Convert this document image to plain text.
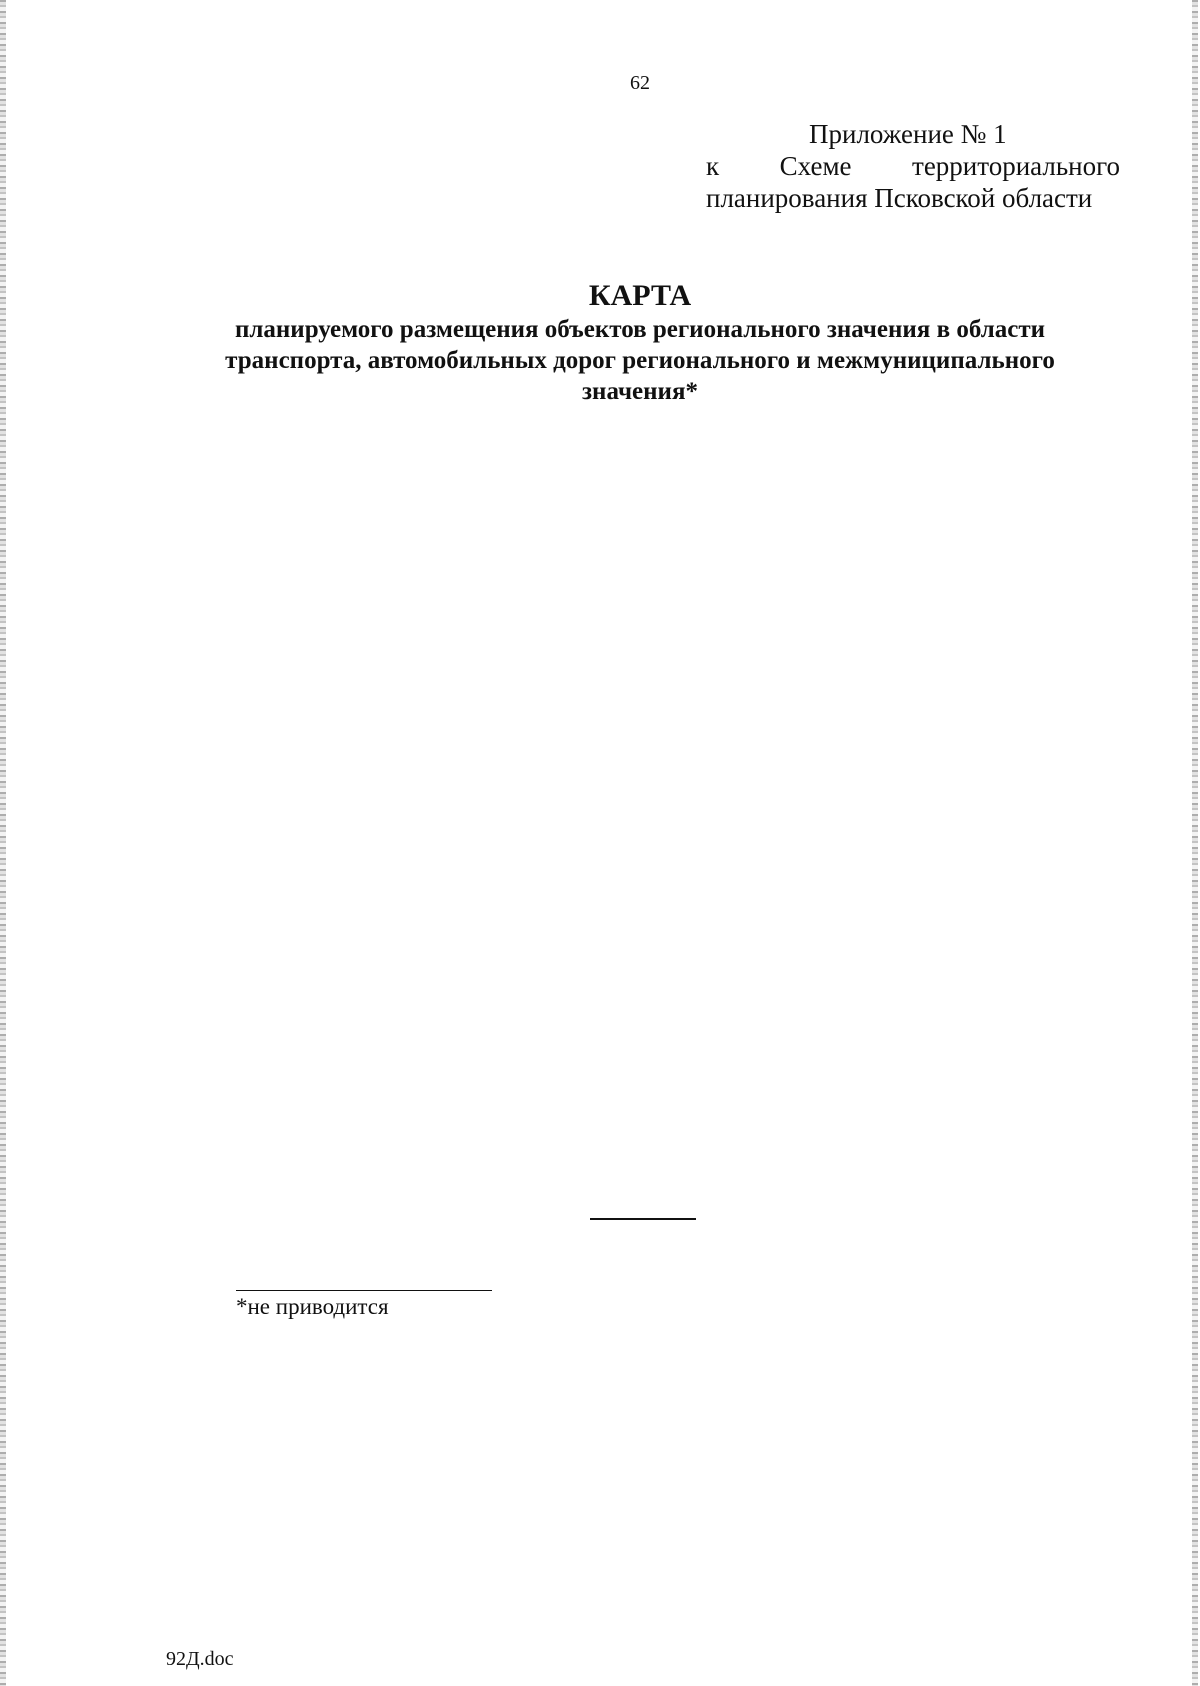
62
Приложение № 1
к Схеме территориального
планирования Псковской области
КАРТА
планируемого размещения объектов регионального значения в области
транспорта, автомобильных дорог регионального и межмуниципального
значения*
*не приводится
92Д.doc
